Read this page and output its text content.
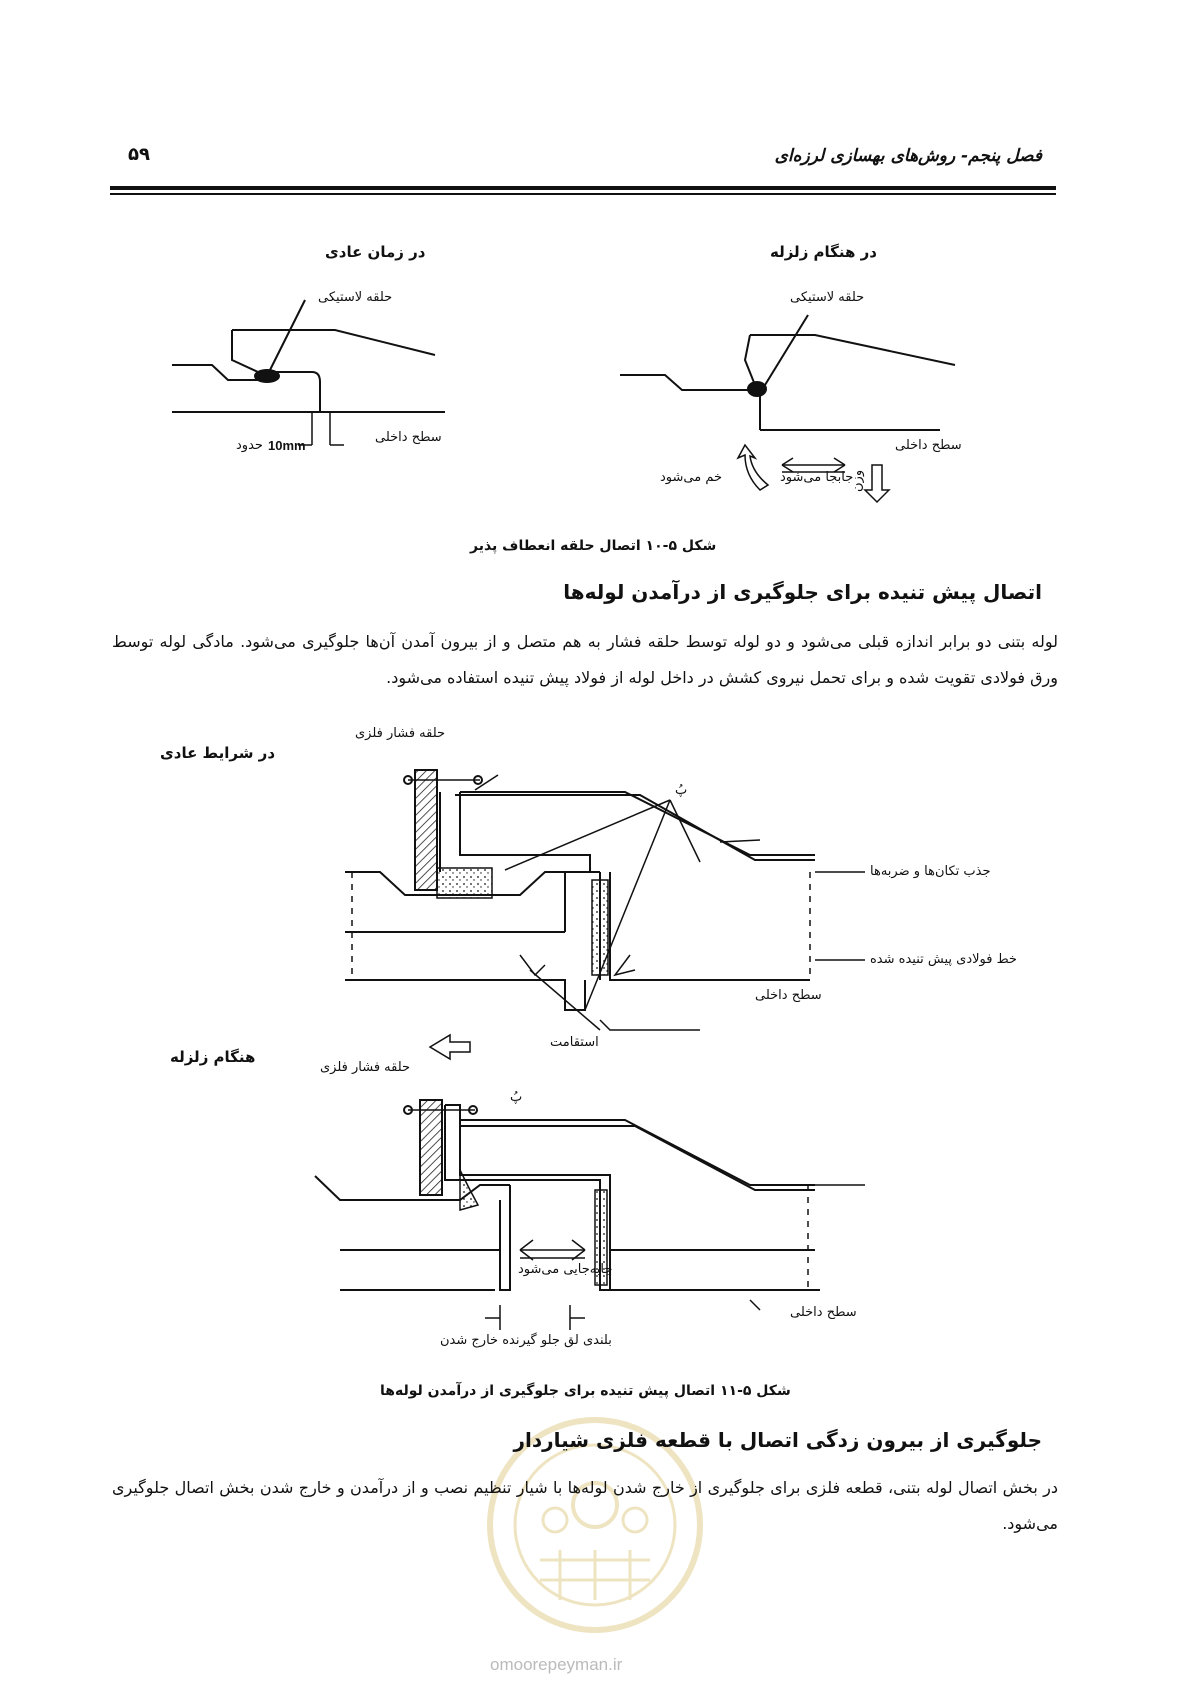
فصل پنجم- روش‌های بهسازی لرزه‌ای
۵۹
در زمان عادی	در هنگام زلزله
حلقه لاستیکی	حلقه لاستیکی
سطح داخلی
سطح داخلی
حدود 10mm
خم می‌شود	جابجا می‌شود
وزن
شکل ۵-۱۰ اتصال حلقه انعطاف پذیر
اتصال پیش تنیده برای جلوگیری از درآمدن لوله‌ها
لوله بتنی دو برابر اندازه قبلی می‌شود و دو لوله توسط حلقه فشار به هم متصل و از بیرون آمدن آن‌ها جلوگیری می‌شود. مادگی لوله توسط ورق فولادی تقویت شده و برای تحمل نیروی کشش در داخل لوله از فولاد پیش تنیده استفاده می‌شود.
در شرایط عادی
هنگام زلزله
حلقه فشار فلزی
حلقه فشار فلزی
پُ
پُ
جذب تکان‌ها و ضربه‌ها
خط فولادی پیش تنیده شده
سطح داخلی
سطح داخلی
استقامت
جابه‌جایی می‌شود
بلندی لق جلو گیرنده خارج شدن
شکل ۵-۱۱ اتصال پیش تنیده برای جلوگیری از درآمدن لوله‌ها
جلوگیری از بیرون زدگی اتصال با قطعه فلزی شیاردار
در بخش اتصال لوله بتنی، قطعه فلزی برای جلوگیری از خارج شدن لوله‌ها با شیار تنظیم نصب و از درآمدن و خارج شدن بخش اتصال جلوگیری می‌شود.
omoorepeyman.ir
